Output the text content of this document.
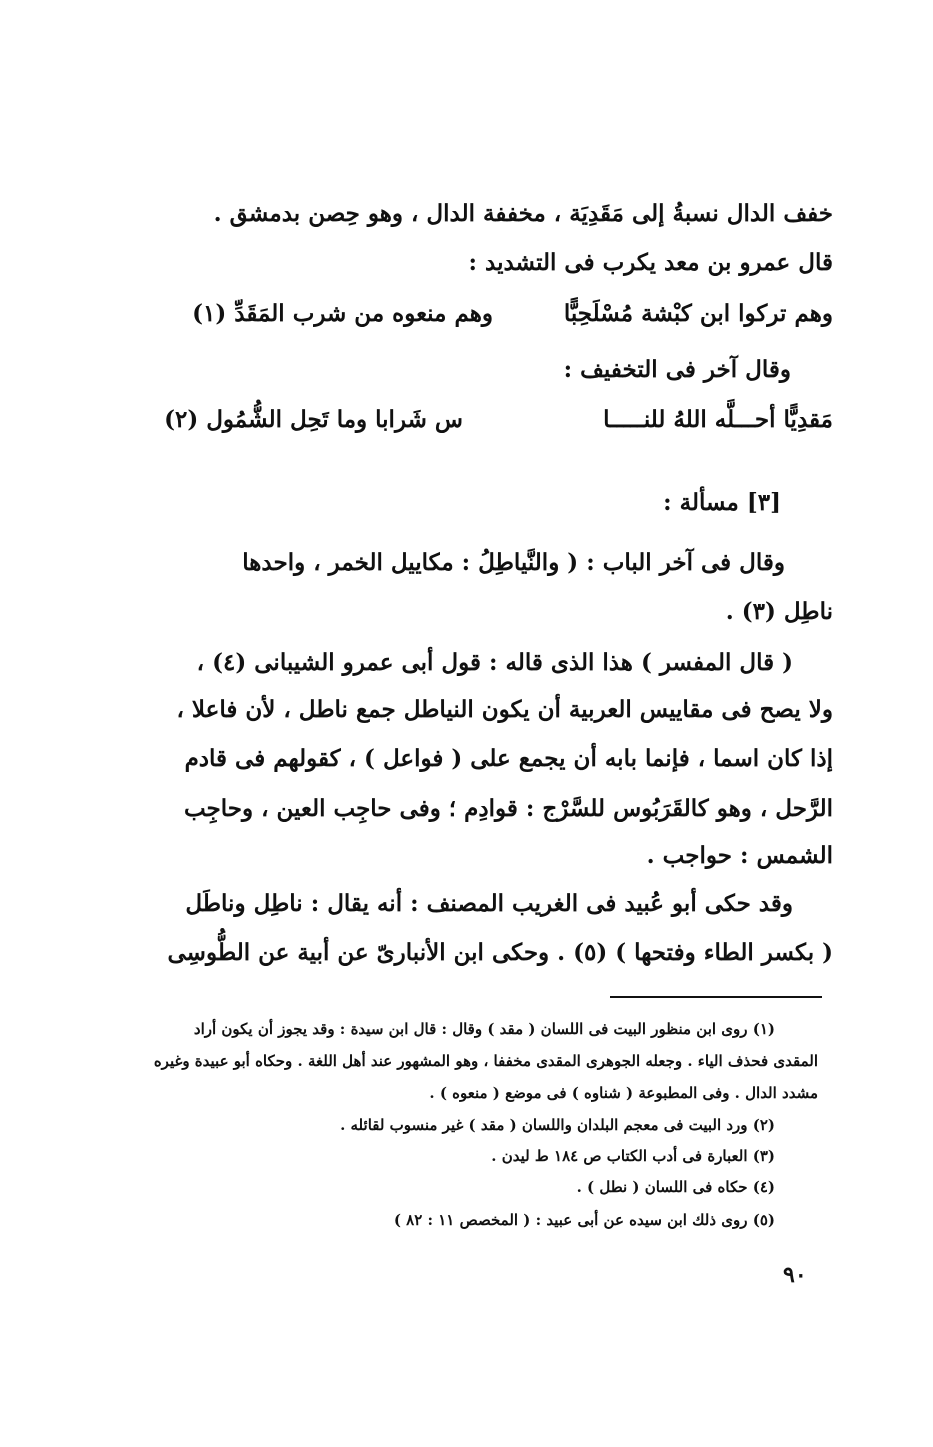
خفف الدال نسبةُ إلى مَقَدِيَة ، مخففة الدال ، وهو حِصن بدمشق .
قال عمرو بن معد يكرب فى التشديد :
وهم تركوا ابن كبْشة مُسْلَحِبًّا
وهم منعوه من شرب المَقَدِّ (١)
وقال آخر فى التخفيف :
مَقدِيًّا أحـــلَّه اللهُ للنـــــا
س شَرابا وما تَحِل الشُّمُول (٢)
[٣] مسألة :
وقال فى آخر الباب : ( والنَّياطِلُ : مكاييل الخمر ، واحدها
ناطِل (٣) .
( قال المفسر ) هذا الذى قاله : قول أبى عمرو الشيبانى (٤) ،
ولا يصح فى مقاييس العربية أن يكون النياطل جمع ناطل ، لأن فاعلا ،
إذا كان اسما ، فإنما بابه أن يجمع على ( فواعل ) ، كقولهم فى قادم
الرَّحل ، وهو كالقَرَبُوس للسَّرْج : قوادِم ؛ وفى حاجِب العين ، وحاجِب
الشمس : حواجب .
وقد حكى أبو عُبيد فى الغريب المصنف : أنه يقال : ناطِل وناطَل
( بكسر الطاء وفتحها ) (٥) . وحكى ابن الأنبارىّ عن أبية عن الطُّوسِى
(١) روى ابن منظور البيت فى اللسان ( مقد ) وقال : قال ابن سيدة : وقد يجوز أن يكون أراد
المقدى فحذف الياء . وجعله الجوهرى المقدى مخففا ، وهو المشهور عند أهل اللغة . وحكاه أبو عبيدة وغيره
مشدد الدال . وفى المطبوعة ( شناوه ) فى موضع ( منعوه ) .
(٢) ورد البيت فى معجم البلدان واللسان ( مقد ) غير منسوب لقائله .
(٣) العبارة فى أدب الكتاب ص ١٨٤ ط ليدن .
(٤) حكاه فى اللسان ( نطل ) .
(٥) روى ذلك ابن سيده عن أبى عبيد : ( المخصص ١١ : ٨٢ )
٩٠
